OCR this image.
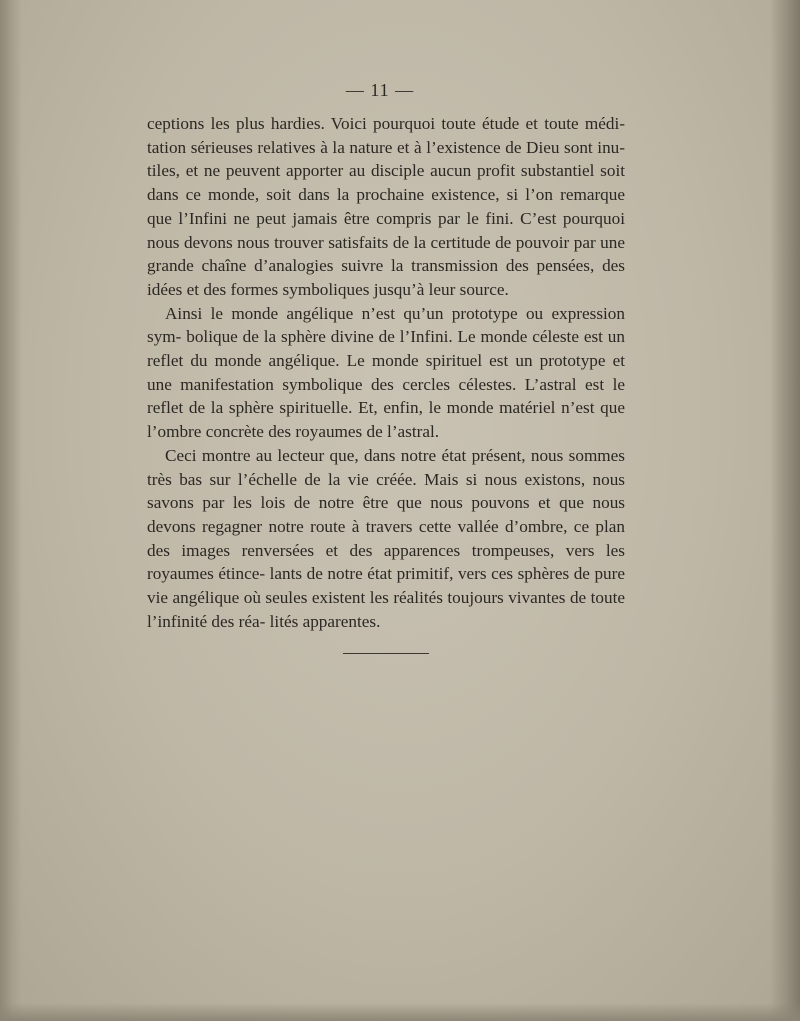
— 11 —

ceptions les plus hardies. Voici pourquoi toute étude et toute médi- tation sérieuses relatives à la nature et à l’existence de Dieu sont inu- tiles, et ne peuvent apporter au disciple aucun profit substantiel soit dans ce monde, soit dans la prochaine existence, si l’on remarque que l’Infini ne peut jamais être compris par le fini. C’est pourquoi nous devons nous trouver satisfaits de la certitude de pouvoir par une grande chaîne d’analogies suivre la transmission des pensées, des idées et des formes symboliques jusqu’à leur source.

Ainsi le monde angélique n’est qu’un prototype ou expression sym- bolique de la sphère divine de l’Infini. Le monde céleste est un reflet du monde angélique. Le monde spirituel est un prototype et une manifestation symbolique des cercles célestes. L’astral est le reflet de la sphère spirituelle. Et, enfin, le monde matériel n’est que l’ombre concrète des royaumes de l’astral.

Ceci montre au lecteur que, dans notre état présent, nous sommes très bas sur l’échelle de la vie créée. Mais si nous existons, nous savons par les lois de notre être que nous pouvons et que nous devons regagner notre route à travers cette vallée d’ombre, ce plan des images renversées et des apparences trompeuses, vers les royaumes étince- lants de notre état primitif, vers ces sphères de pure vie angélique où seules existent les réalités toujours vivantes de toute l’infinité des réa- lités apparentes.
